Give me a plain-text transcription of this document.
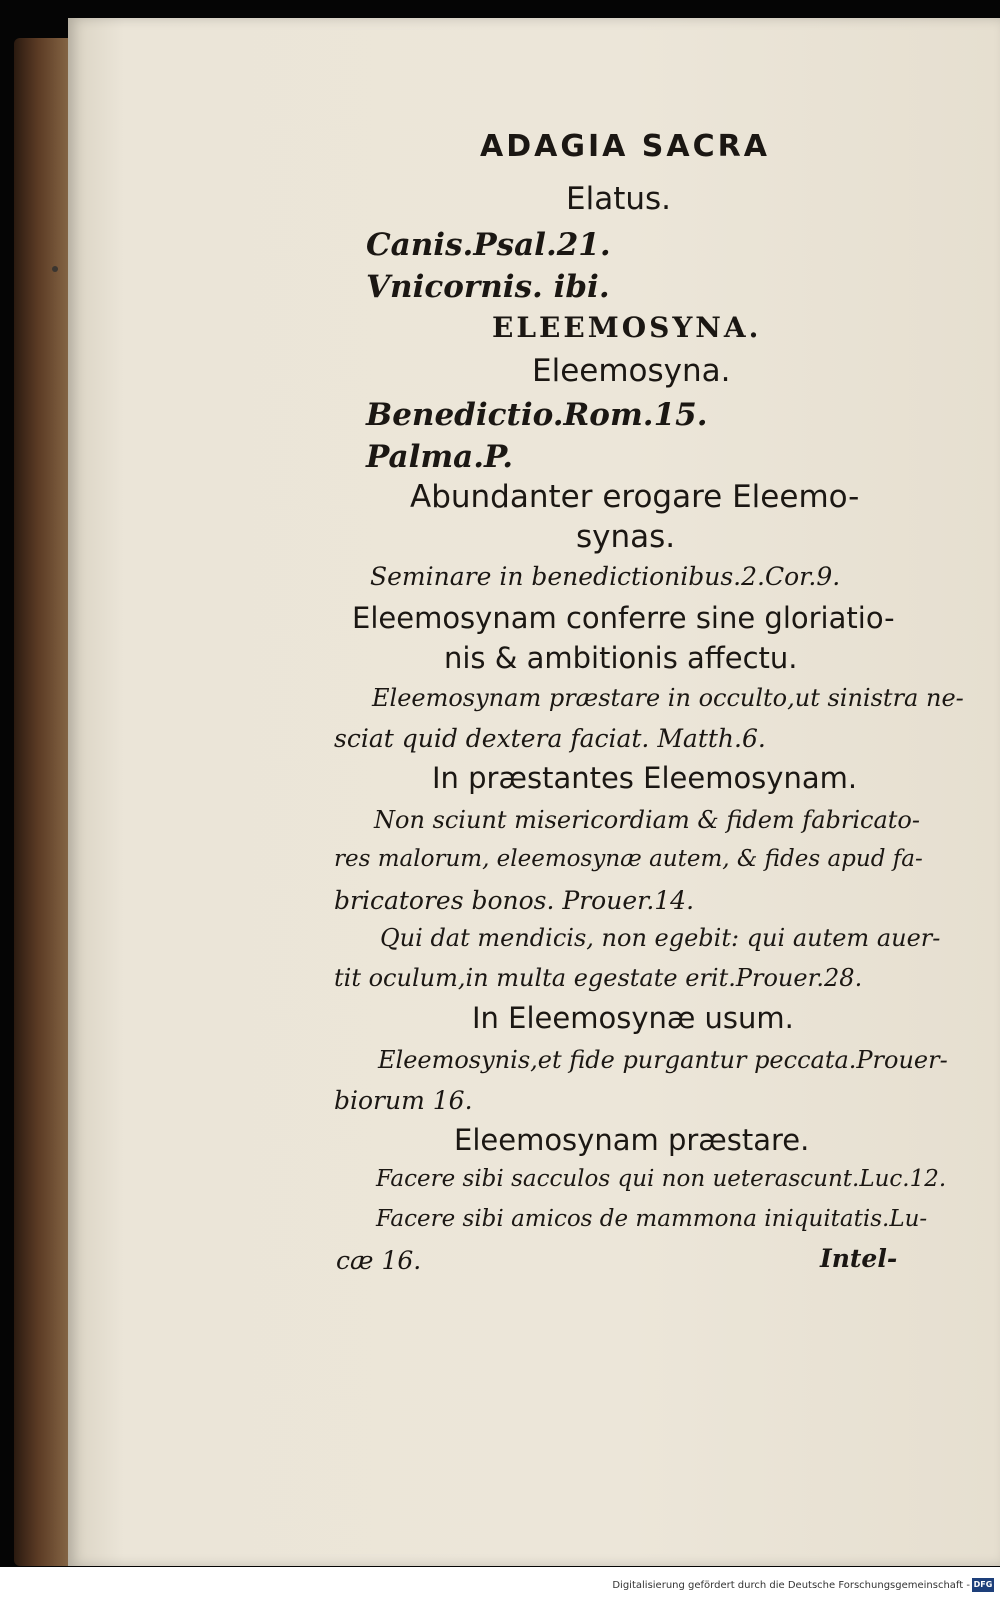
ADAGIA SACRA
Elatus.
Canis.Psal.21.
Vnicornis. ibi.
ELEEMOSYNA.
Eleemosyna.
Benedictio.Rom.15.
Palma.P.
Abundanter erogare Eleemo-
synas.
Seminare in benedictionibus.2.Cor.9.
Eleemosynam conferre sine gloriatio-
nis & ambitionis affectu.
Eleemosynam præstare in occulto,ut sinistra ne-
sciat quid dextera faciat. Matth.6.
In præstantes Eleemosynam.
Non sciunt misericordiam & fidem fabricato-
res malorum, eleemosynæ autem, & fides apud fa-
bricatores bonos. Prouer.14.
Qui dat mendicis, non egebit: qui autem auer-
tit oculum,in multa egestate erit.Prouer.28.
In Eleemosynæ usum.
Eleemosynis,et fide purgantur peccata.Prouer-
biorum 16.
Eleemosynam præstare.
Facere sibi sacculos qui non ueterascunt.Luc.12.
Facere sibi amicos de mammona iniquitatis.Lu-
cæ 16.	Intel-
Digitalisierung gefördert durch die Deutsche Forschungsgemeinschaft - DFG
